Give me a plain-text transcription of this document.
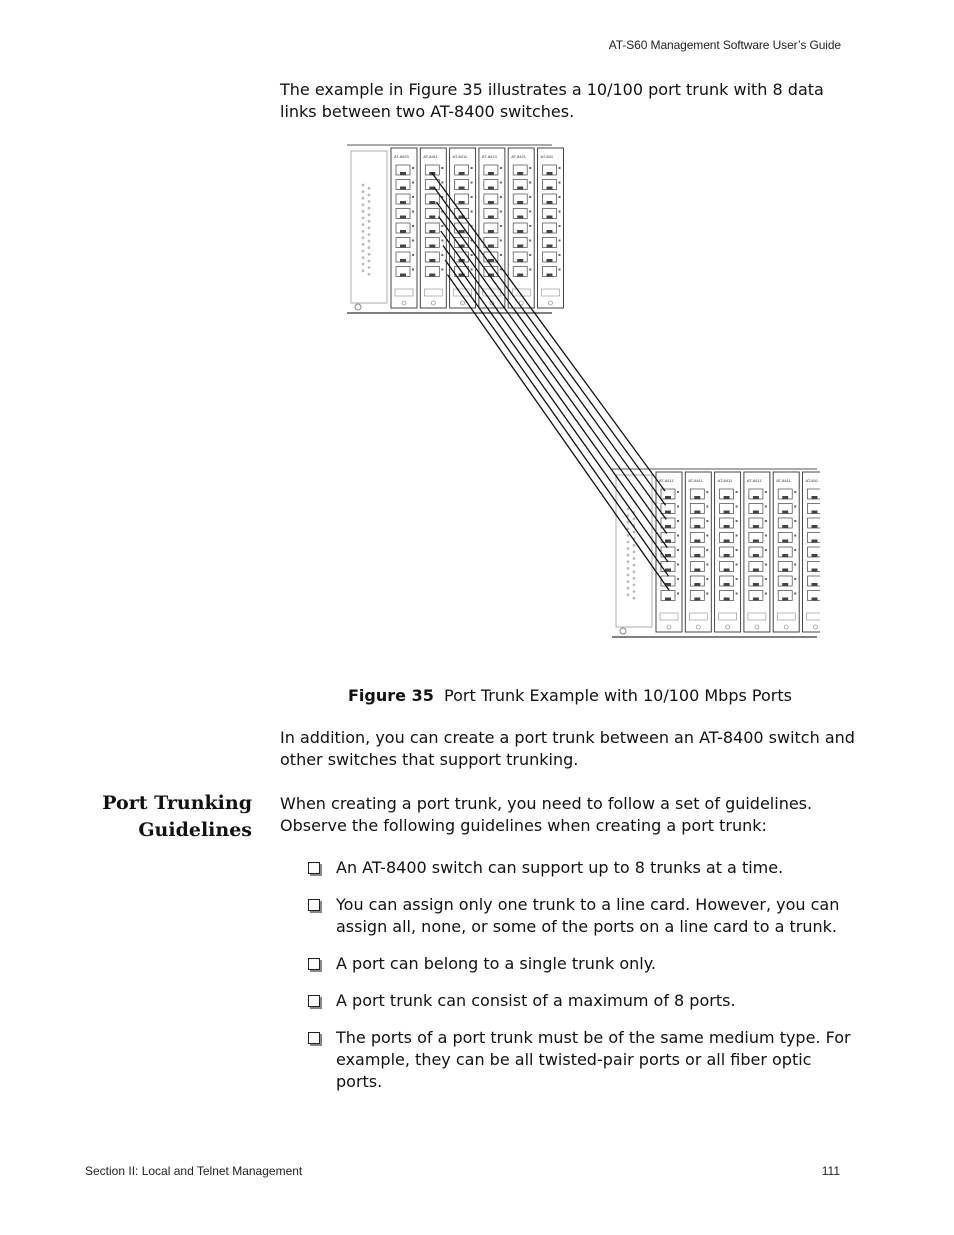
AT-S60 Management Software User’s Guide
The example in Figure 35 illustrates a 10/100 port trunk with 8 data links between two AT-8400 switches.
AT-8420	AT-8411	AT-8411	AT-8413	AT-8421	AT-841
AT-8411	AT-8411	AT-8411	AT-8411	AT-8411	AT-841
Figure 35 Port Trunk Example with 10/100 Mbps Ports
In addition, you can create a port trunk between an AT-8400 switch and other switches that support trunking.
Port Trunking
Guidelines
When creating a port trunk, you need to follow a set of guidelines. Observe the following guidelines when creating a port trunk:
An AT-8400 switch can support up to 8 trunks at a time.
You can assign only one trunk to a line card. However, you can assign all, none, or some of the ports on a line card to a trunk.
A port can belong to a single trunk only.
A port trunk can consist of a maximum of 8 ports.
The ports of a port trunk must be of the same medium type. For example, they can be all twisted-pair ports or all fiber optic ports.
Section II: Local and Telnet Management	111
